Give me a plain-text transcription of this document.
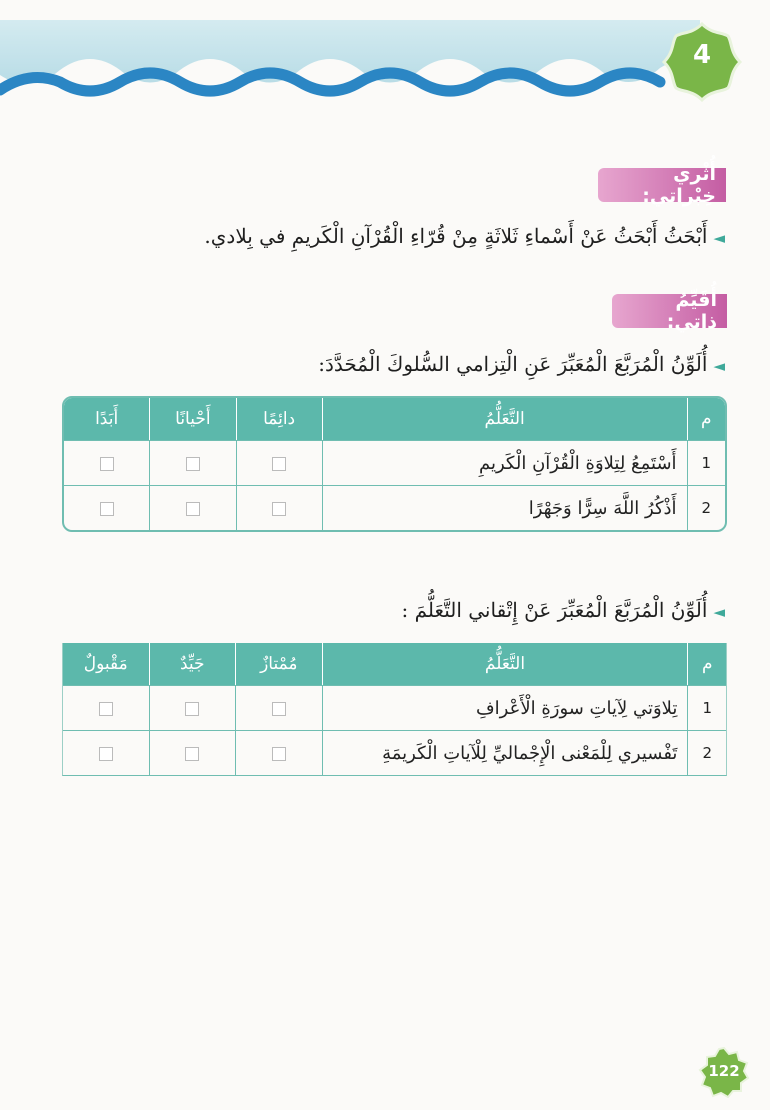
4
أُثْري خِبْراتي:
◄أَبْحَثُ أَبْحَثُ عَنْ أَسْماءِ ثَلاثَةٍ مِنْ قُرّاءِ الْقُرْآنِ الْكَريمِ في بِلادي.
أُقَيِّمُ ذاتي:
◄أُلَوِّنُ الْمُرَبَّعَ الْمُعَبِّرَ عَنِ الْتِزامي السُّلوكَ الْمُحَدَّدَ:
م	التَّعَلُّمُ	دائِمًا	أَحْيانًا	أَبَدًا
1	أَسْتَمِعُ لِتِلاوَةِ الْقُرْآنِ الْكَريمِ			
2	أَذْكُرُ اللَّهَ سِرًّا وَجَهْرًا			
◄أُلَوِّنُ الْمُرَبَّعَ الْمُعَبِّرَ عَنْ إِتْقاني التَّعَلُّمَ :
م	التَّعَلُّمُ	مُمْتازٌ	جَيِّدٌ	مَقْبولٌ
1	تِلاوَتي لِآياتِ سورَةِ الْأَعْرافِ			
2	تَفْسيري لِلْمَعْنى الْإِجْماليِّ لِلْآياتِ الْكَريمَةِ			
122
